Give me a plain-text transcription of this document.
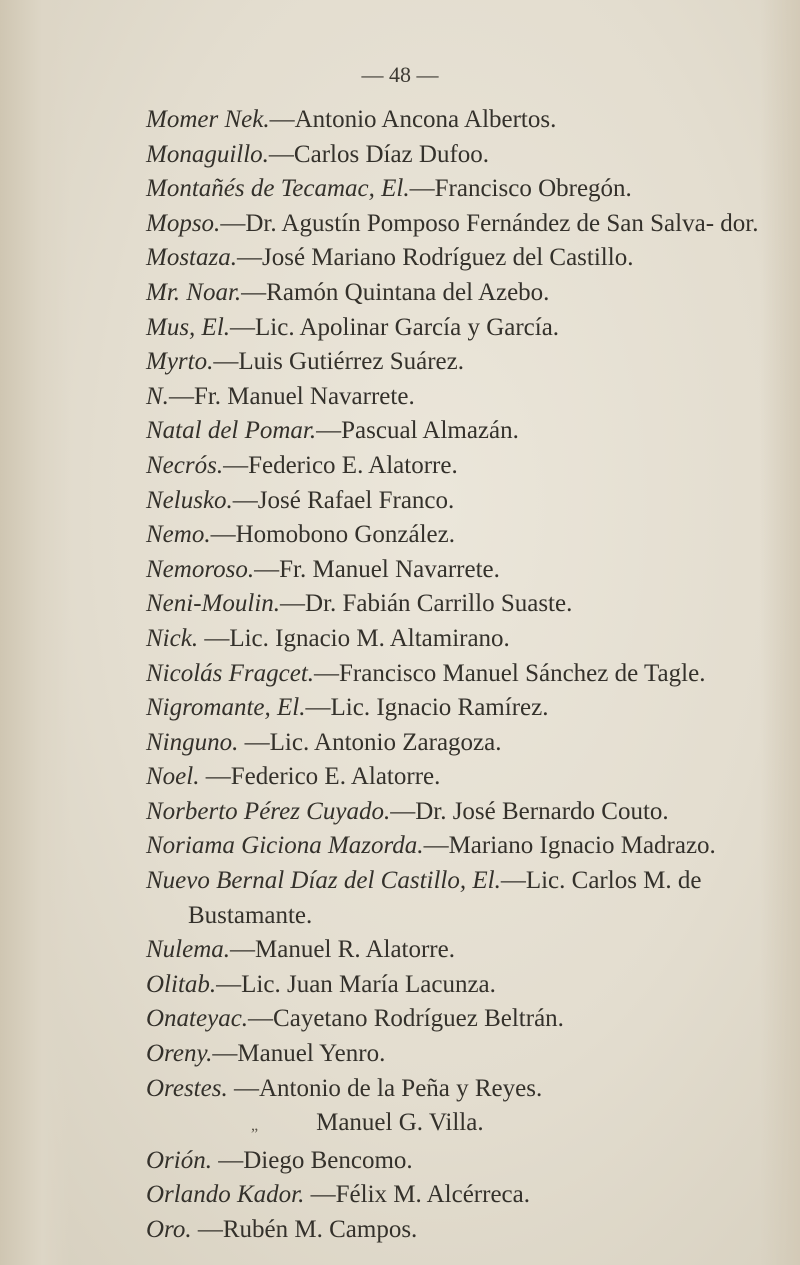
— 48 —

Momer Nek.—Antonio Ancona Albertos.

Monaguillo.—Carlos Díaz Dufoo.

Montañés de Tecamac, El.—Francisco Obregón.

Mopso.—Dr. Agustín Pomposo Fernández de San Salva- dor.

Mostaza.—José Mariano Rodríguez del Castillo.

Mr. Noar.—Ramón Quintana del Azebo.

Mus, El.—Lic. Apolinar García y García.

Myrto.—Luis Gutiérrez Suárez.

N.—Fr. Manuel Navarrete.

Natal del Pomar.—Pascual Almazán.

Necrós.—Federico E. Alatorre.

Nelusko.—José Rafael Franco.

Nemo.—Homobono González.

Nemoroso.—Fr. Manuel Navarrete.

Neni-Moulin.—Dr. Fabián Carrillo Suaste.

Nick. —Lic. Ignacio M. Altamirano.

Nicolás Fragcet.—Francisco Manuel Sánchez de Tagle.

Nigromante, El.—Lic. Ignacio Ramírez.

Ninguno. —Lic. Antonio Zaragoza.

Noel. —Federico E. Alatorre.

Norberto Pérez Cuyado.—Dr. José Bernardo Couto.

Noriama Giciona Mazorda.—Mariano Ignacio Madrazo.

Nuevo Bernal Díaz del Castillo, El.—Lic. Carlos M. de Bustamante.

Nulema.—Manuel R. Alatorre.

Olitab.—Lic. Juan María Lacunza.

Onateyac.—Cayetano Rodríguez Beltrán.

Oreny.—Manuel Yenro.

Orestes. —Antonio de la Peña y Reyes.

„ Manuel G. Villa.

Orión. —Diego Bencomo.

Orlando Kador. —Félix M. Alcérreca.

Oro. —Rubén M. Campos.
